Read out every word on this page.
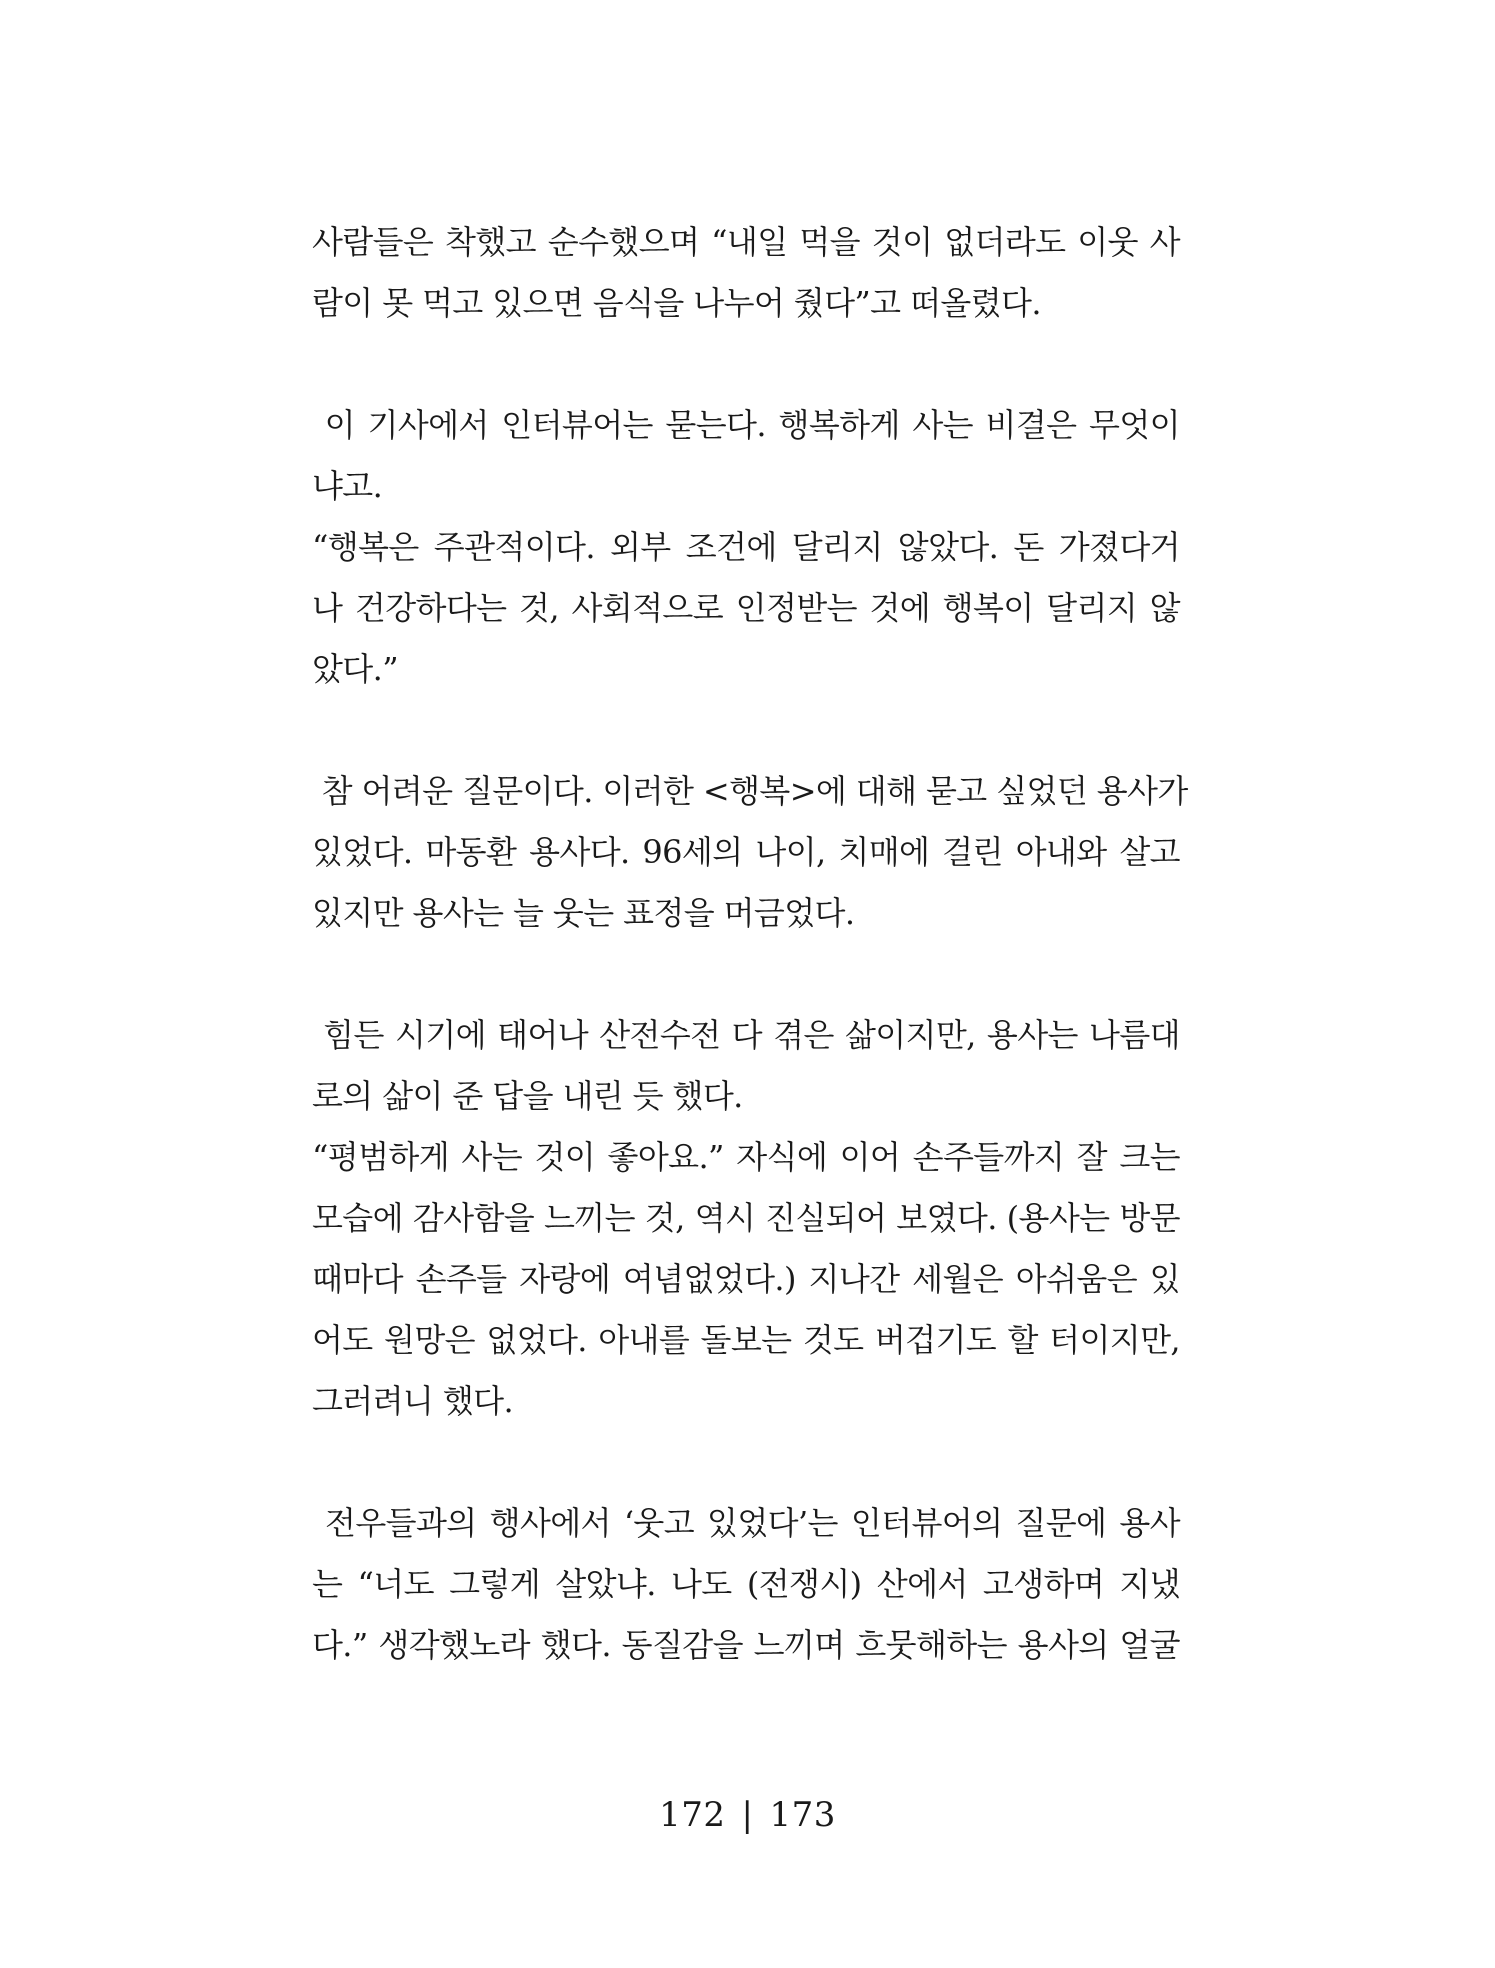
사람들은 착했고 순수했으며 “내일 먹을 것이 없더라도 이웃 사
람이 못 먹고 있으면 음식을 나누어 줬다”고 떠올렸다.
이 기사에서 인터뷰어는 묻는다. 행복하게 사는 비결은 무엇이
냐고.
“행복은 주관적이다. 외부 조건에 달리지 않았다. 돈 가졌다거
나 건강하다는 것, 사회적으로 인정받는 것에 행복이 달리지 않
았다.”
참 어려운 질문이다. 이러한 <행복>에 대해 묻고 싶었던 용사가
있었다. 마동환 용사다. 96세의 나이, 치매에 걸린 아내와 살고
있지만 용사는 늘 웃는 표정을 머금었다.
힘든 시기에 태어나 산전수전 다 겪은 삶이지만, 용사는 나름대
로의 삶이 준 답을 내린 듯 했다.
“평범하게 사는 것이 좋아요.” 자식에 이어 손주들까지 잘 크는
모습에 감사함을 느끼는 것, 역시 진실되어 보였다. (용사는 방문
때마다 손주들 자랑에 여념없었다.) 지나간 세월은 아쉬움은 있
어도 원망은 없었다. 아내를 돌보는 것도 버겁기도 할 터이지만,
그러려니 했다.
전우들과의 행사에서 ‘웃고 있었다’는 인터뷰어의 질문에 용사
는 “너도 그렇게 살았냐. 나도 (전쟁시) 산에서 고생하며 지냈
다.” 생각했노라 했다. 동질감을 느끼며 흐뭇해하는 용사의 얼굴
172 | 173
